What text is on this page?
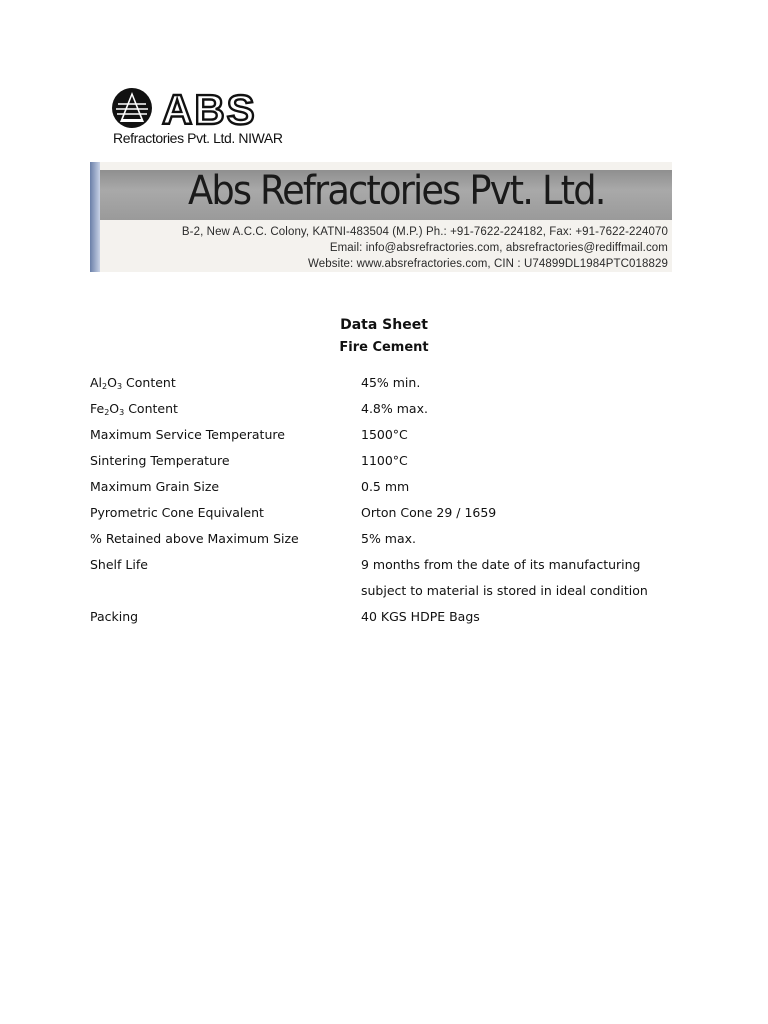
ABS
Refractories Pvt. Ltd. NIWAR
Abs Refractories Pvt. Ltd.
B-2, New A.C.C. Colony, KATNI-483504 (M.P.) Ph.: +91-7622-224182, Fax: +91-7622-224070
Email: info@absrefractories.com, absrefractories@rediffmail.com
Website: www.absrefractories.com, CIN : U74899DL1984PTC018829
Data Sheet
Fire Cement
$Al_2O_3$ Content	45% min.
$Fe_2O_3$ Content	4.8% max.
Maximum Service Temperature	1500°C
Sintering Temperature	1100°C
Maximum Grain Size	0.5 mm
Pyrometric Cone Equivalent	Orton Cone 29 / 1659
% Retained above Maximum Size	5% max.
Shelf Life	9 months from the date of its manufacturing subject to material is stored in ideal condition
Packing	40 KGS HDPE Bags
